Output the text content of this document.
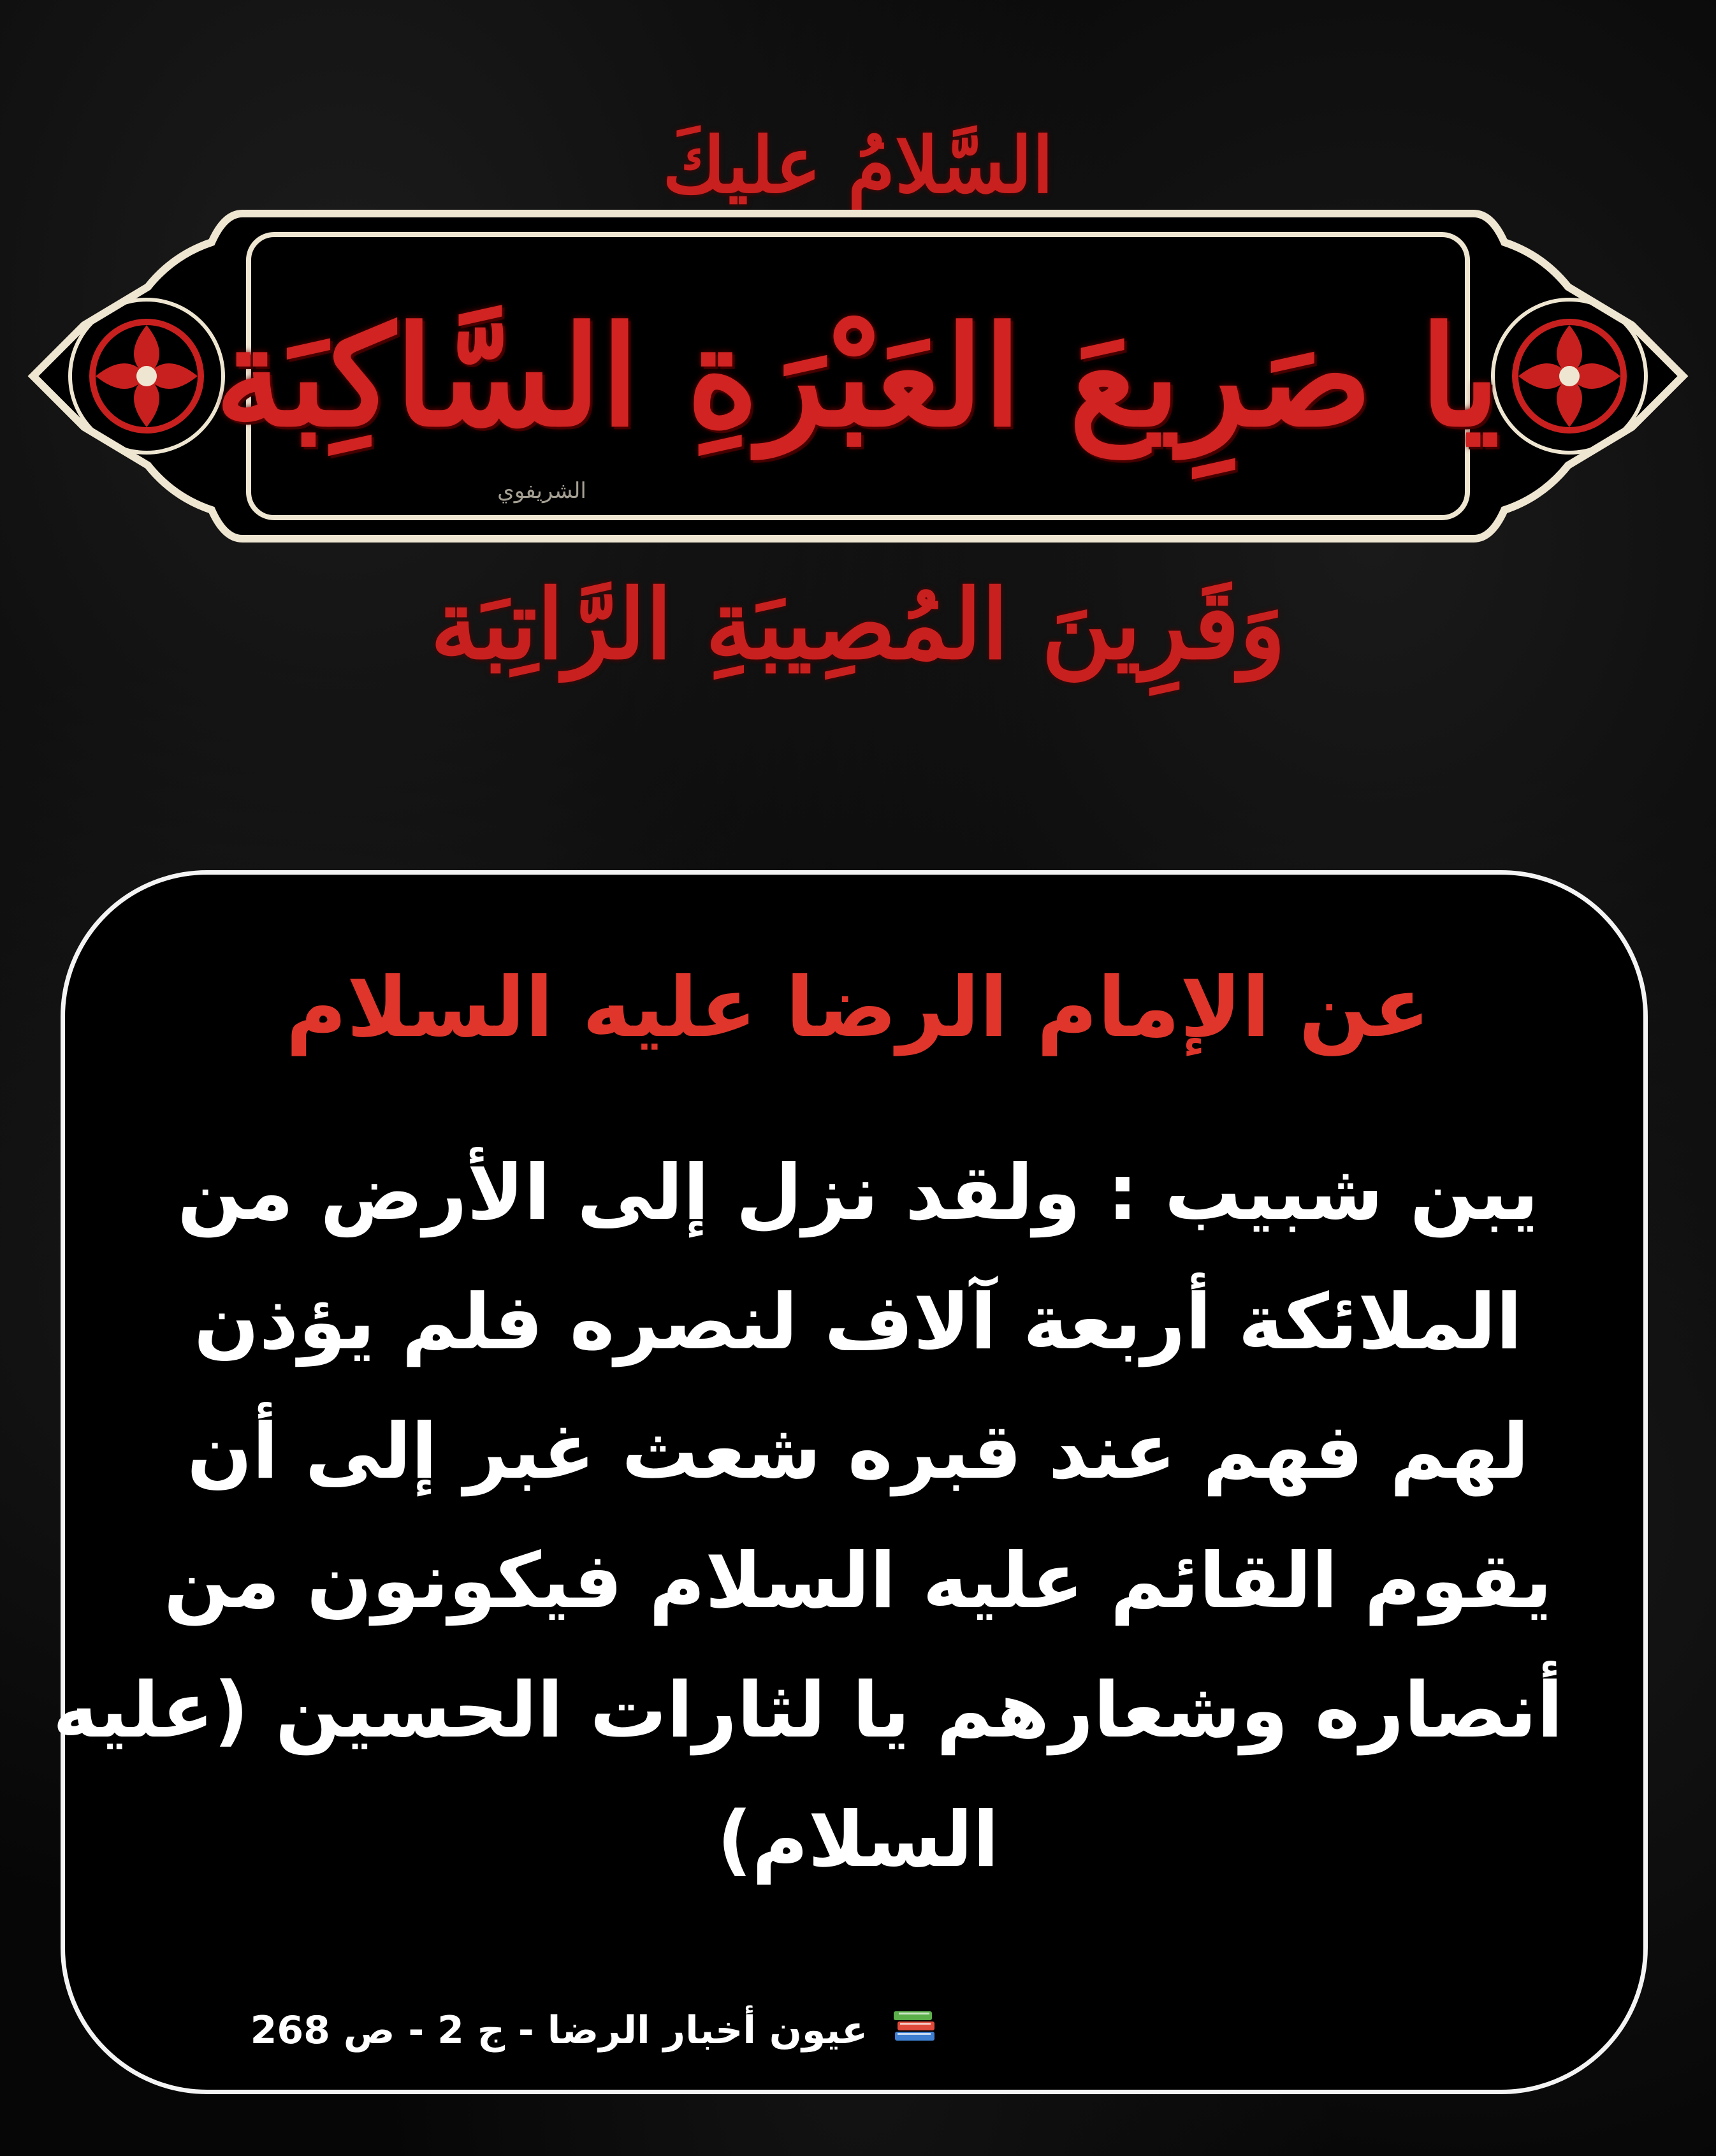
السَّلامُ عليكَ
يا صَرِيعَ العَبْرَةِ السَّاكِبَة
الشريفوي
وَقَرِينَ المُصِيبَةِ الرَّاتِبَة
عن الإمام الرضا عليه السلام
يبن شبيب : ولقد نزل إلى الأرض من
الملائكة أربعة آلاف لنصره فلم يؤذن
لهم فهم عند قبره شعث غبر إلى أن
يقوم القائم عليه السلام فيكونون من
أنصاره وشعارهم يا لثارات الحسين (عليه
السلام)
عيون أخبار الرضا - ج 2 - ص 268
